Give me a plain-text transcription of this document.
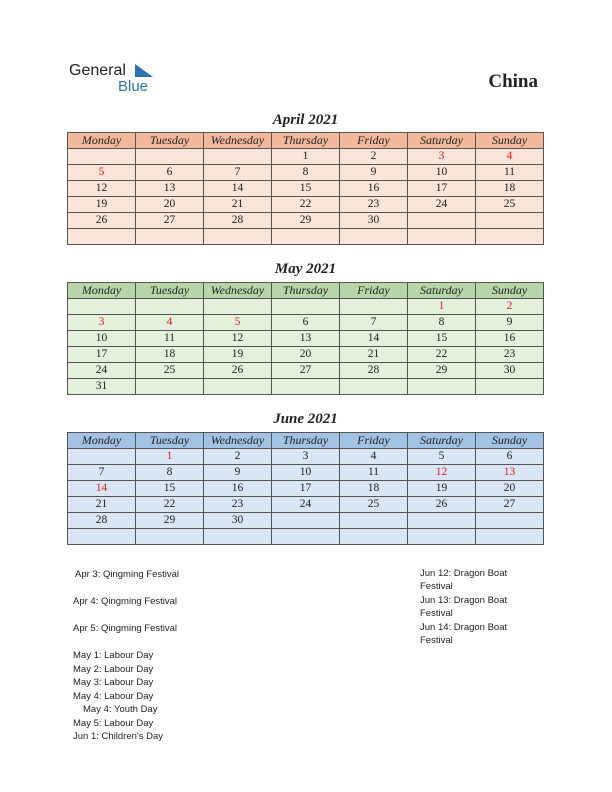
General
Blue	China
April 2021
Monday	Tuesday	Wednesday	Thursday	Friday	Saturday	Sunday
			1	2	3	4
5	6	7	8	9	10	11
12	13	14	15	16	17	18
19	20	21	22	23	24	25
26	27	28	29	30		

May 2021
Monday	Tuesday	Wednesday	Thursday	Friday	Saturday	Sunday
					1	2
3	4	5	6	7	8	9
10	11	12	13	14	15	16
17	18	19	20	21	22	23
24	25	26	27	28	29	30
31						
June 2021
Monday	Tuesday	Wednesday	Thursday	Friday	Saturday	Sunday
	1	2	3	4	5	6
7	8	9	10	11	12	13
14	15	16	17	18	19	20
21	22	23	24	25	26	27
28	29	30				

Apr 3: Qingming Festival
Apr 4: Qingming Festival
Apr 5: Qingming Festival
May 1: Labour Day
May 2: Labour Day
May 3: Labour Day
May 4: Labour Day
May 4: Youth Day
May 5: Labour Day
Jun 1: Children's Day
Jun 12: Dragon Boat
Festival
Jun 13: Dragon Boat
Festival
Jun 14: Dragon Boat
Festival
